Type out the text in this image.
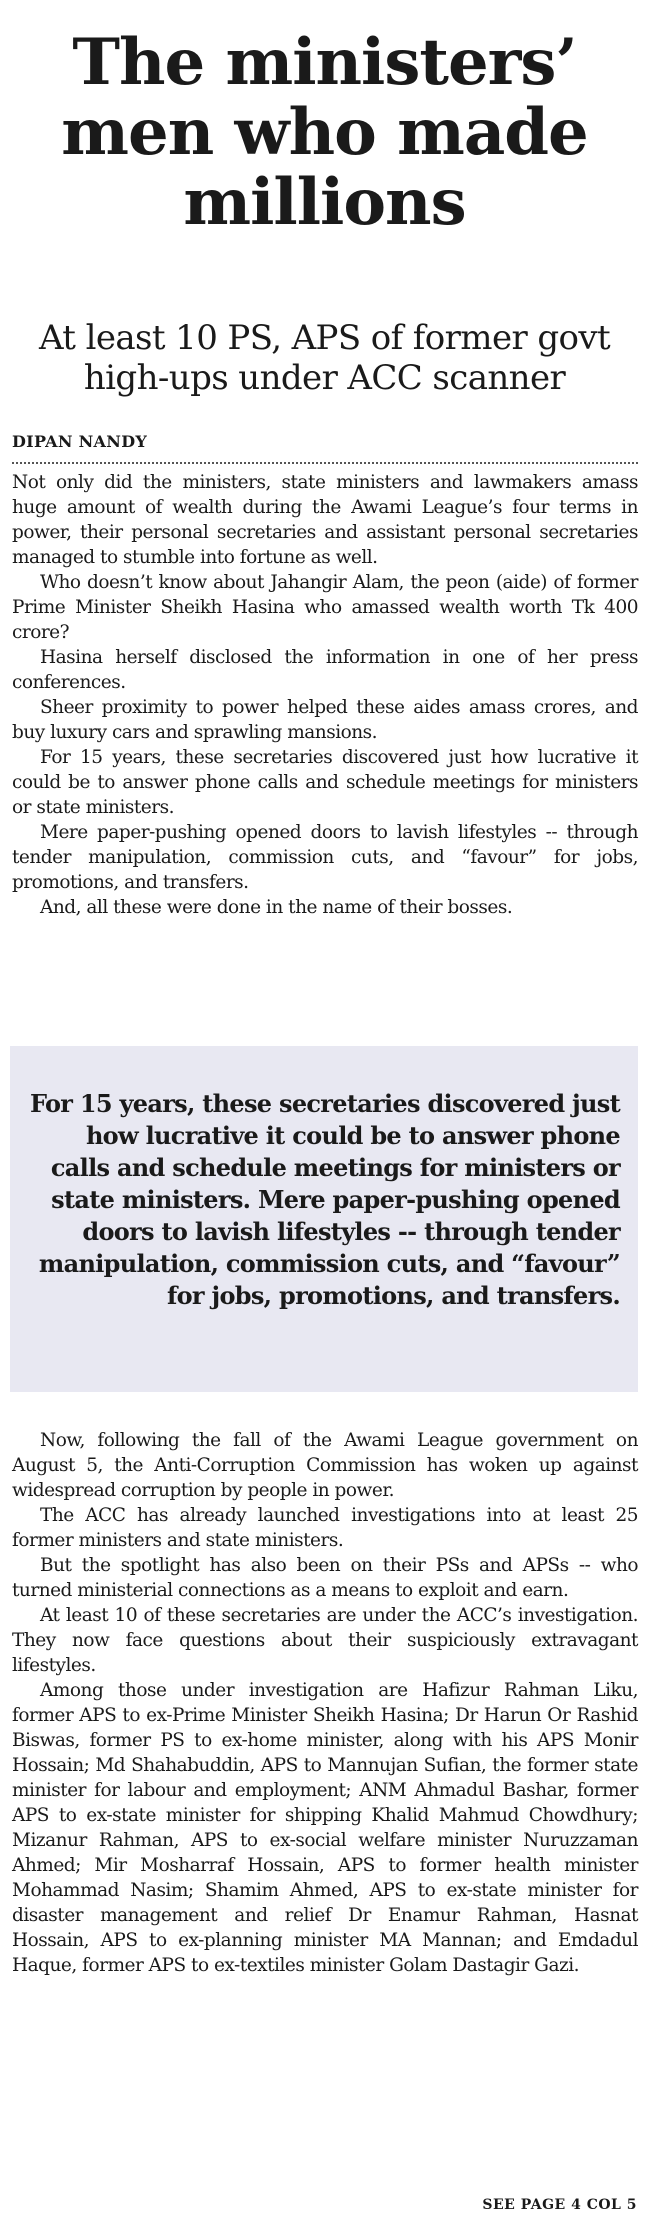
The ministers’
men who made
millions
At least 10 PS, APS of former govt
high-ups under ACC scanner
DIPAN NANDY

Not only did the ministers, state ministers and lawmakers amass huge amount of wealth during the Awami League’s four terms in power, their personal secretaries and assistant personal secretaries managed to stumble into fortune as well.

Who doesn’t know about Jahangir Alam, the peon (aide) of former Prime Minister Sheikh Hasina who amassed wealth worth Tk 400 crore?

Hasina herself disclosed the information in one of her press conferences.

Sheer proximity to power helped these aides amass crores, and buy luxury cars and sprawling mansions.

For 15 years, these secretaries discovered just how lucrative it could be to answer phone calls and schedule meetings for ministers or state ministers.

Mere paper-pushing opened doors to lavish lifestyles -- through tender manipulation, commission cuts, and “favour” for jobs, promotions, and transfers.

And, all these were done in the name of their bosses.

For 15 years, these secretaries discovered just how lucrative it could be to answer phone calls and schedule meetings for ministers or state ministers. Mere paper-pushing opened doors to lavish lifestyles -- through tender manipulation, commission cuts, and “favour” for jobs, promotions, and transfers.

Now, following the fall of the Awami League government on August 5, the Anti-Corruption Commission has woken up against widespread corruption by people in power.

The ACC has already launched investigations into at least 25 former ministers and state ministers.

But the spotlight has also been on their PSs and APSs -- who turned ministerial connections as a means to exploit and earn.

At least 10 of these secretaries are under the ACC’s investigation. They now face questions about their suspiciously extravagant lifestyles.

Among those under investigation are Hafizur Rahman Liku, former APS to ex-Prime Minister Sheikh Hasina; Dr Harun Or Rashid Biswas, former PS to ex-home minister, along with his APS Monir Hossain; Md Shahabuddin, APS to Mannujan Sufian, the former state minister for labour and employment; ANM Ahmadul Bashar, former APS to ex-state minister for shipping Khalid Mahmud Chowdhury; Mizanur Rahman, APS to ex-social welfare minister Nuruzzaman Ahmed; Mir Mosharraf Hossain, APS to former health minister Mohammad Nasim; Shamim Ahmed, APS to ex-state minister for disaster management and relief Dr Enamur Rahman, Hasnat Hossain, APS to ex-planning minister MA Mannan; and Emdadul Haque, former APS to ex-textiles minister Golam Dastagir Gazi.

SEE PAGE 4 COL 5
